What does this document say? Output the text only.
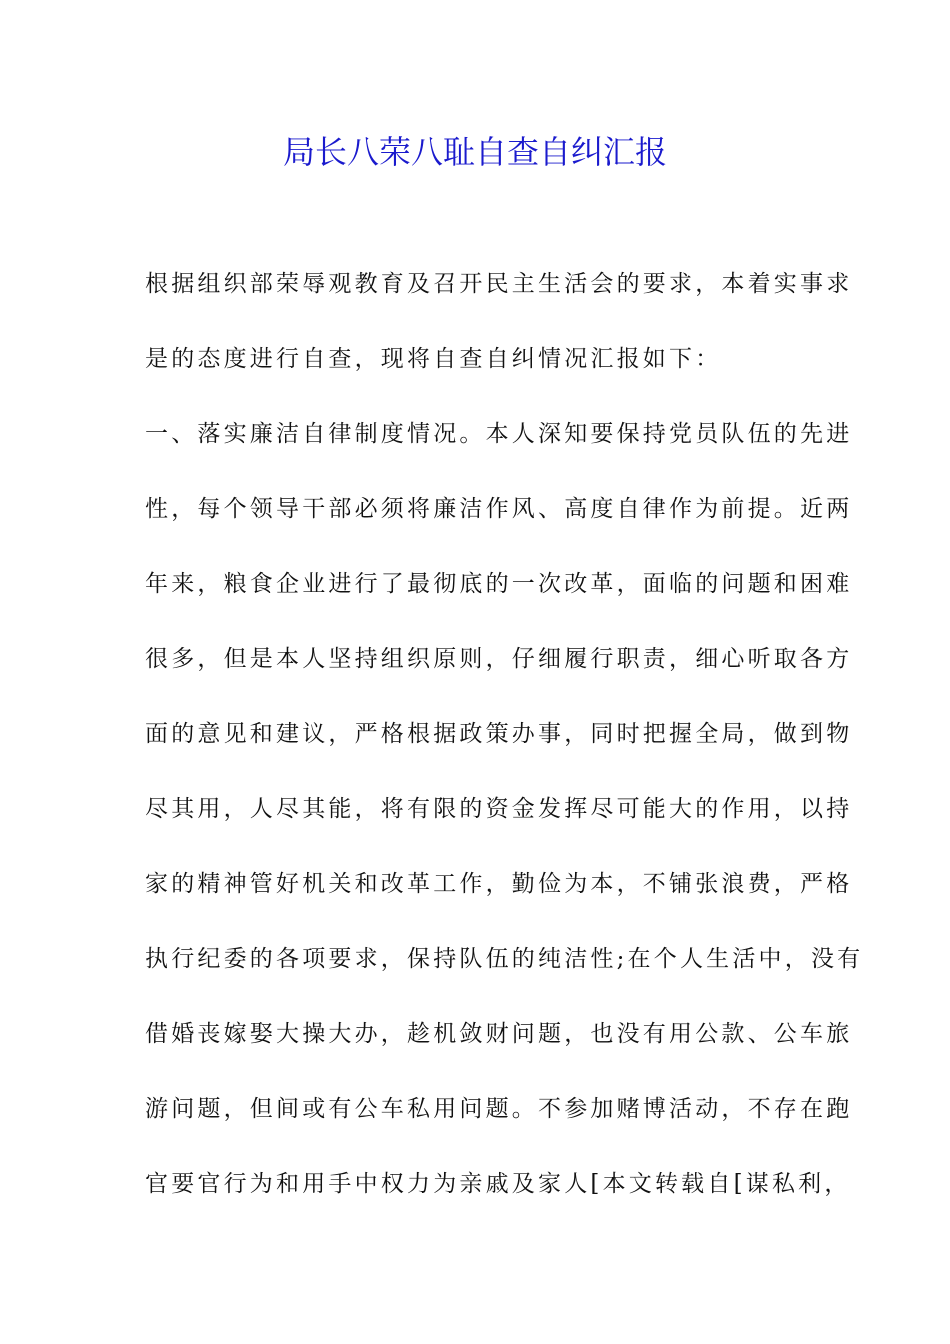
局长八荣八耻自查自纠汇报
根据组织部荣辱观教育及召开民主生活会的要求，本着实事求
是的态度进行自查，现将自查自纠情况汇报如下：
一、落实廉洁自律制度情况。本人深知要保持党员队伍的先进
性，每个领导干部必须将廉洁作风、高度自律作为前提。近两
年来，粮食企业进行了最彻底的一次改革，面临的问题和困难
很多，但是本人坚持组织原则，仔细履行职责，细心听取各方
面的意见和建议，严格根据政策办事，同时把握全局，做到物
尽其用，人尽其能，将有限的资金发挥尽可能大的作用，以持
家的精神管好机关和改革工作，勤俭为本，不铺张浪费，严格
执行纪委的各项要求，保持队伍的纯洁性;在个人生活中，没有
借婚丧嫁娶大操大办，趁机敛财问题，也没有用公款、公车旅
游问题，但间或有公车私用问题。不参加赌博活动，不存在跑
官要官行为和用手中权力为亲戚及家人[本文转载自[谋私利，
